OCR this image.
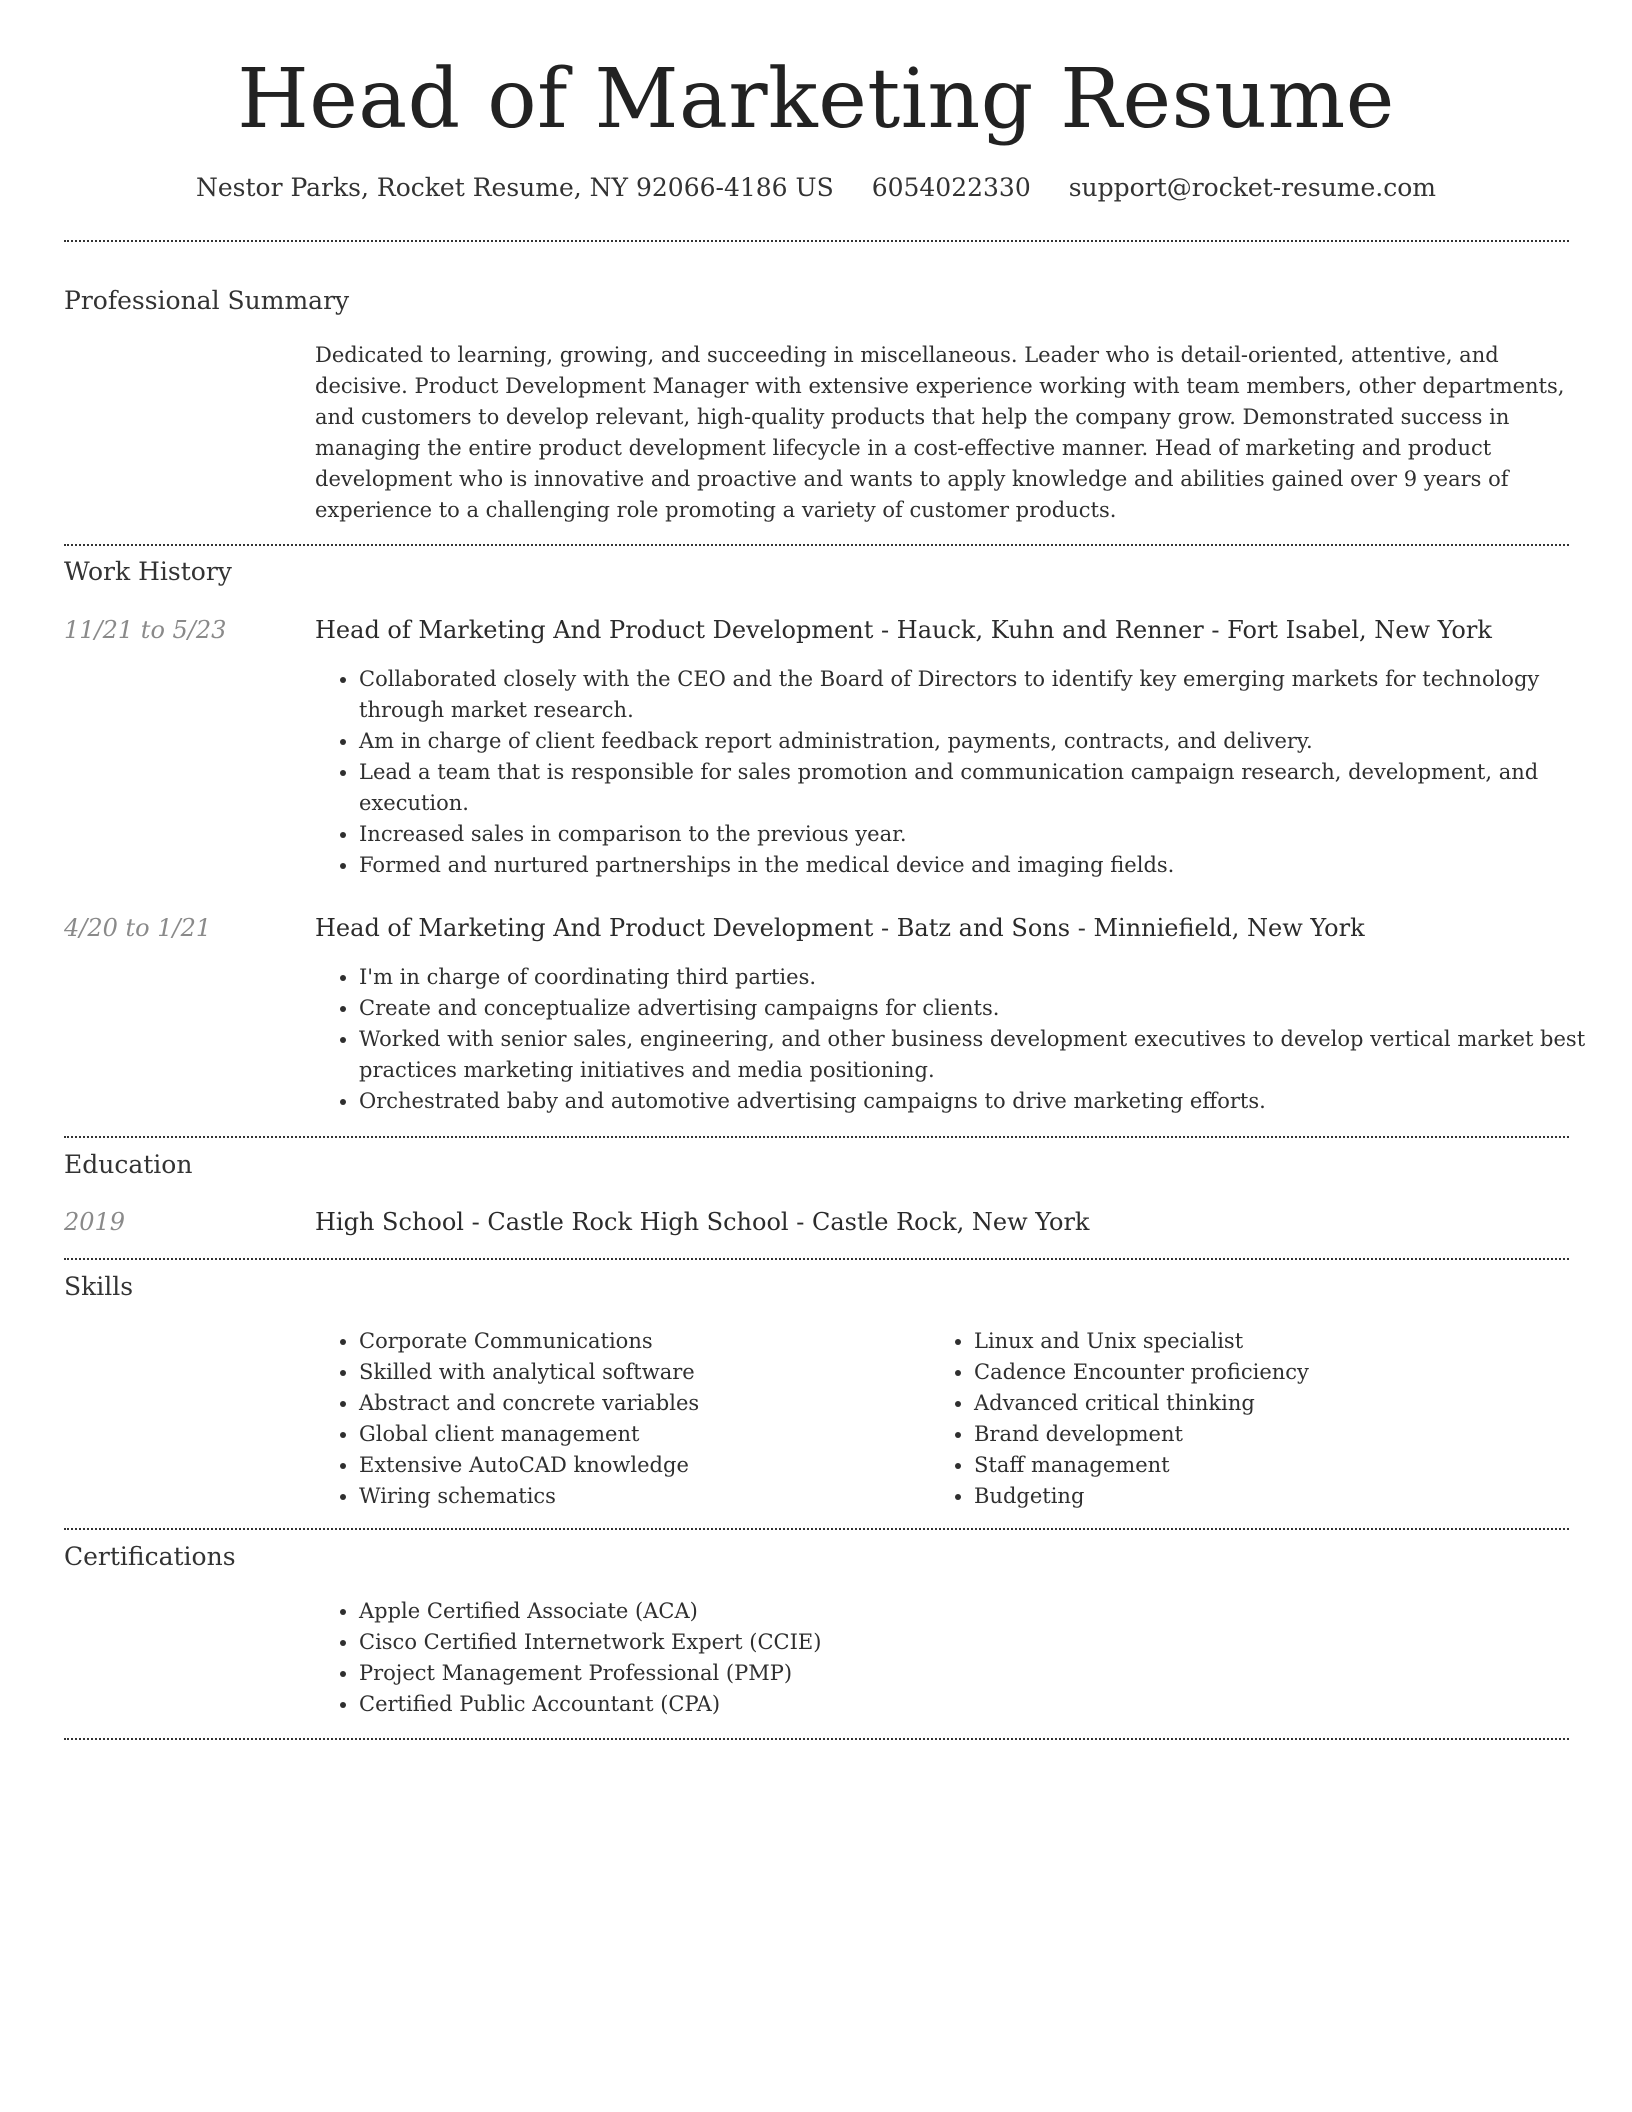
Head of Marketing Resume
Nestor Parks, Rocket Resume, NY 92066-4186 US 6054022330 support@rocket-resume.com
Professional Summary
Dedicated to learning, growing, and succeeding in miscellaneous. Leader who is detail-oriented, attentive, and decisive. Product Development Manager with extensive experience working with team members, other departments, and customers to develop relevant, high-quality products that help the company grow. Demonstrated success in managing the entire product development lifecycle in a cost-effective manner. Head of marketing and product development who is innovative and proactive and wants to apply knowledge and abilities gained over 9 years of experience to a challenging role promoting a variety of customer products.
Work History
11/21 to 5/23	Head of Marketing And Product Development - Hauck, Kuhn and Renner - Fort Isabel, New York
• Collaborated closely with the CEO and the Board of Directors to identify key emerging markets for technology through market research.
• Am in charge of client feedback report administration, payments, contracts, and delivery.
• Lead a team that is responsible for sales promotion and communication campaign research, development, and execution.
• Increased sales in comparison to the previous year.
• Formed and nurtured partnerships in the medical device and imaging fields.
4/20 to 1/21	Head of Marketing And Product Development - Batz and Sons - Minniefield, New York
• I'm in charge of coordinating third parties.
• Create and conceptualize advertising campaigns for clients.
• Worked with senior sales, engineering, and other business development executives to develop vertical market best practices marketing initiatives and media positioning.
• Orchestrated baby and automotive advertising campaigns to drive marketing efforts.
Education
2019	High School - Castle Rock High School - Castle Rock, New York
Skills
• Corporate Communications
• Skilled with analytical software
• Abstract and concrete variables
• Global client management
• Extensive AutoCAD knowledge
• Wiring schematics
• Linux and Unix specialist
• Cadence Encounter proficiency
• Advanced critical thinking
• Brand development
• Staff management
• Budgeting
Certifications
• Apple Certified Associate (ACA)
• Cisco Certified Internetwork Expert (CCIE)
• Project Management Professional (PMP)
• Certified Public Accountant (CPA)
